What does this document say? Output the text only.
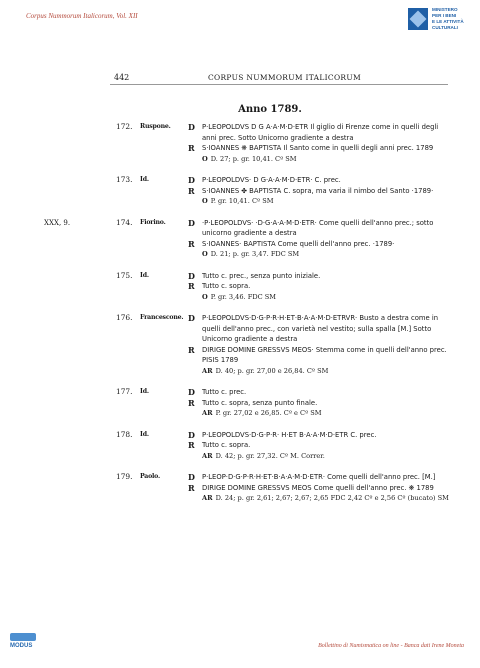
Corpus Nummorum Italicorum, Vol. XII
MINISTERO
PER I BENI
E LE ATTIVITÀ
CULTURALI
442	CORPUS NUMMORUM ITALICORUM
Anno 1789.
172. Ruspone.	D	P·LEOPOLDVS D G A·A·M·D·ETR Il giglio di Firenze come in quelli degli anni prec. Sotto Unicorno gradiente a destra
R	S·IOANNES ❋ BAPTISTA Il Santo come in quelli degli anni prec. 1789
O D. 27; p. gr. 10,41. Cº SM
173. Id.	D	P·LEOPOLDVS· D G·A·A·M·D·ETR· C. prec.
R	S·IOANNES ✤ BAPTISTA C. sopra, ma varia il nimbo del Santo ·1789·
O P. gr. 10,41. Cº SM
XXX, 9.	174. Fiorino.	D	·P·LEOPOLDVS· ·D·G·A·A·M·D·ETR· Come quelli dell'anno prec.; sotto unicorno gradiente a destra
R	S·IOANNES· BAPTISTA Come quelli dell'anno prec. ·1789·
O D. 21; p. gr. 3,47. FDC SM
175. Id.	D	Tutto c. prec., senza punto iniziale.
R	Tutto c. sopra.
O P. gr. 3,46. FDC SM
176. Francescone. D	P·LEOPOLDVS·D·G·P·R·H·ET·B·A·A·M·D·ETRVR· Busto a destra come in quelli dell'anno prec., con varietà nel vestito; sulla spalla [M.] Sotto Unicorno gradiente a destra
R	DIRIGE DOMINE GRESSVS MEOS· Stemma come in quelli dell'anno prec. PISIS 1789
AR D. 40; p. gr. 27,00 e 26,84. Cº SM
177. Id.	D	Tutto c. prec.
R	Tutto c. sopra, senza punto finale.
AR P. gr. 27,02 e 26,85. Cº e Cº SM
178. Id.	D	P·LEOPOLDVS·D·G·P·R· H·ET B·A·A·M·D·ETR C. prec.
R	Tutto c. sopra.
AR D. 42; p. gr. 27,32. Cº M. Correr.
179. Paolo.	D	P·LEOP·D·G·P·R·H·ET·B·A·A·M·D·ETR· Come quelli dell'anno prec. [M.]
R	DIRIGE DOMINE GRESSVS MEOS Come quelli dell'anno prec. ❋ 1789
AR D. 24; p. gr. 2,61; 2,67; 2,67; 2,65 FDC 2,42 Cº e 2,56 Cº (bucato) SM
MODUS	Bollettino di Numismatica on line - Banca dati Irene Moneta
